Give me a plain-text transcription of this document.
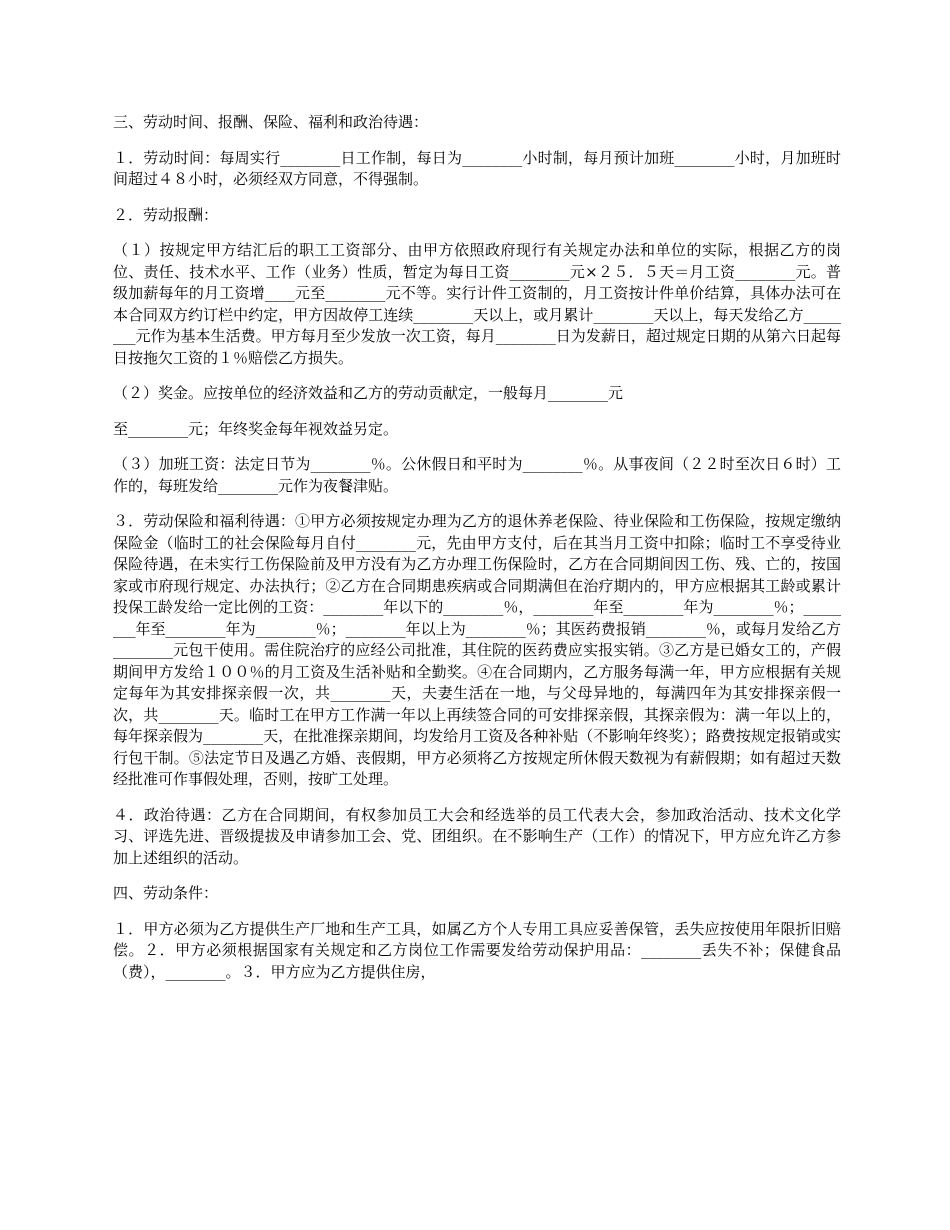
三、劳动时间、报酬、保险、福利和政治待遇：

１．劳动时间：每周实行________日工作制，每日为________小时制，每月预计加班________小时，月加班时间超过４８小时，必须经双方同意，不得强制。

２．劳动报酬：

（１）按规定甲方结汇后的职工工资部分、由甲方依照政府现行有关规定办法和单位的实际，根据乙方的岗位、责任、技术水平、工作（业务）性质，暂定为每日工资________元×２５．５天＝月工资________元。普级加薪每年的月工资增____元至________元不等。实行计件工资制的，月工资按计件单价结算，具体办法可在本合同双方约订栏中约定，甲方因故停工连续________天以上，或月累计________天以上，每天发给乙方________元作为基本生活费。甲方每月至少发放一次工资，每月________日为发薪日，超过规定日期的从第六日起每日按拖欠工资的１％赔偿乙方损失。

（２）奖金。应按单位的经济效益和乙方的劳动贡献定，一般每月________元

至________元；年终奖金每年视效益另定。

（３）加班工资：法定日节为________％。公休假日和平时为________％。从事夜间（２２时至次日６时）工作的，每班发给________元作为夜餐津贴。

３．劳动保险和福利待遇：①甲方必须按规定办理为乙方的退休养老保险、待业保险和工伤保险，按规定缴纳保险金（临时工的社会保险每月自付________元，先由甲方支付，后在其当月工资中扣除；临时工不享受待业保险待遇，在未实行工伤保险前及甲方没有为乙方办理工伤保险时，乙方在合同期间因工伤、残、亡的，按国家或市府现行规定、办法执行；②乙方在合同期患疾病或合同期满但在治疗期内的，甲方应根据其工龄或累计投保工龄发给一定比例的工资：________年以下的________％，________年至________年为________％；________年至________年为________％；________年以上为________％；其医药费报销________％，或每月发给乙方________元包干使用。需住院治疗的应经公司批准，其住院的医药费应实报实销。③乙方是已婚女工的，产假期间甲方发给１００％的月工资及生活补贴和全勤奖。④在合同期内，乙方服务每满一年，甲方应根据有关规定每年为其安排探亲假一次，共________天，夫妻生活在一地，与父母异地的，每满四年为其安排探亲假一次，共________天。临时工在甲方工作满一年以上再续签合同的可安排探亲假，其探亲假为：满一年以上的，每年探亲假为________天，在批准探亲期间，均发给月工资及各种补贴（不影响年终奖）；路费按规定报销或实行包干制。⑤法定节日及遇乙方婚、丧假期，甲方必须将乙方按规定所休假天数视为有薪假期；如有超过天数经批准可作事假处理，否则，按旷工处理。

４．政治待遇：乙方在合同期间，有权参加员工大会和经选举的员工代表大会，参加政治活动、技术文化学习、评选先进、晋级提拔及申请参加工会、党、团组织。在不影响生产（工作）的情况下，甲方应允许乙方参加上述组织的活动。

四、劳动条件：

１．甲方必须为乙方提供生产厂地和生产工具，如属乙方个人专用工具应妥善保管，丢失应按使用年限折旧赔偿。２．甲方必须根据国家有关规定和乙方岗位工作需要发给劳动保护用品：________丢失不补；保健食品（费），________。３．甲方应为乙方提供住房，
